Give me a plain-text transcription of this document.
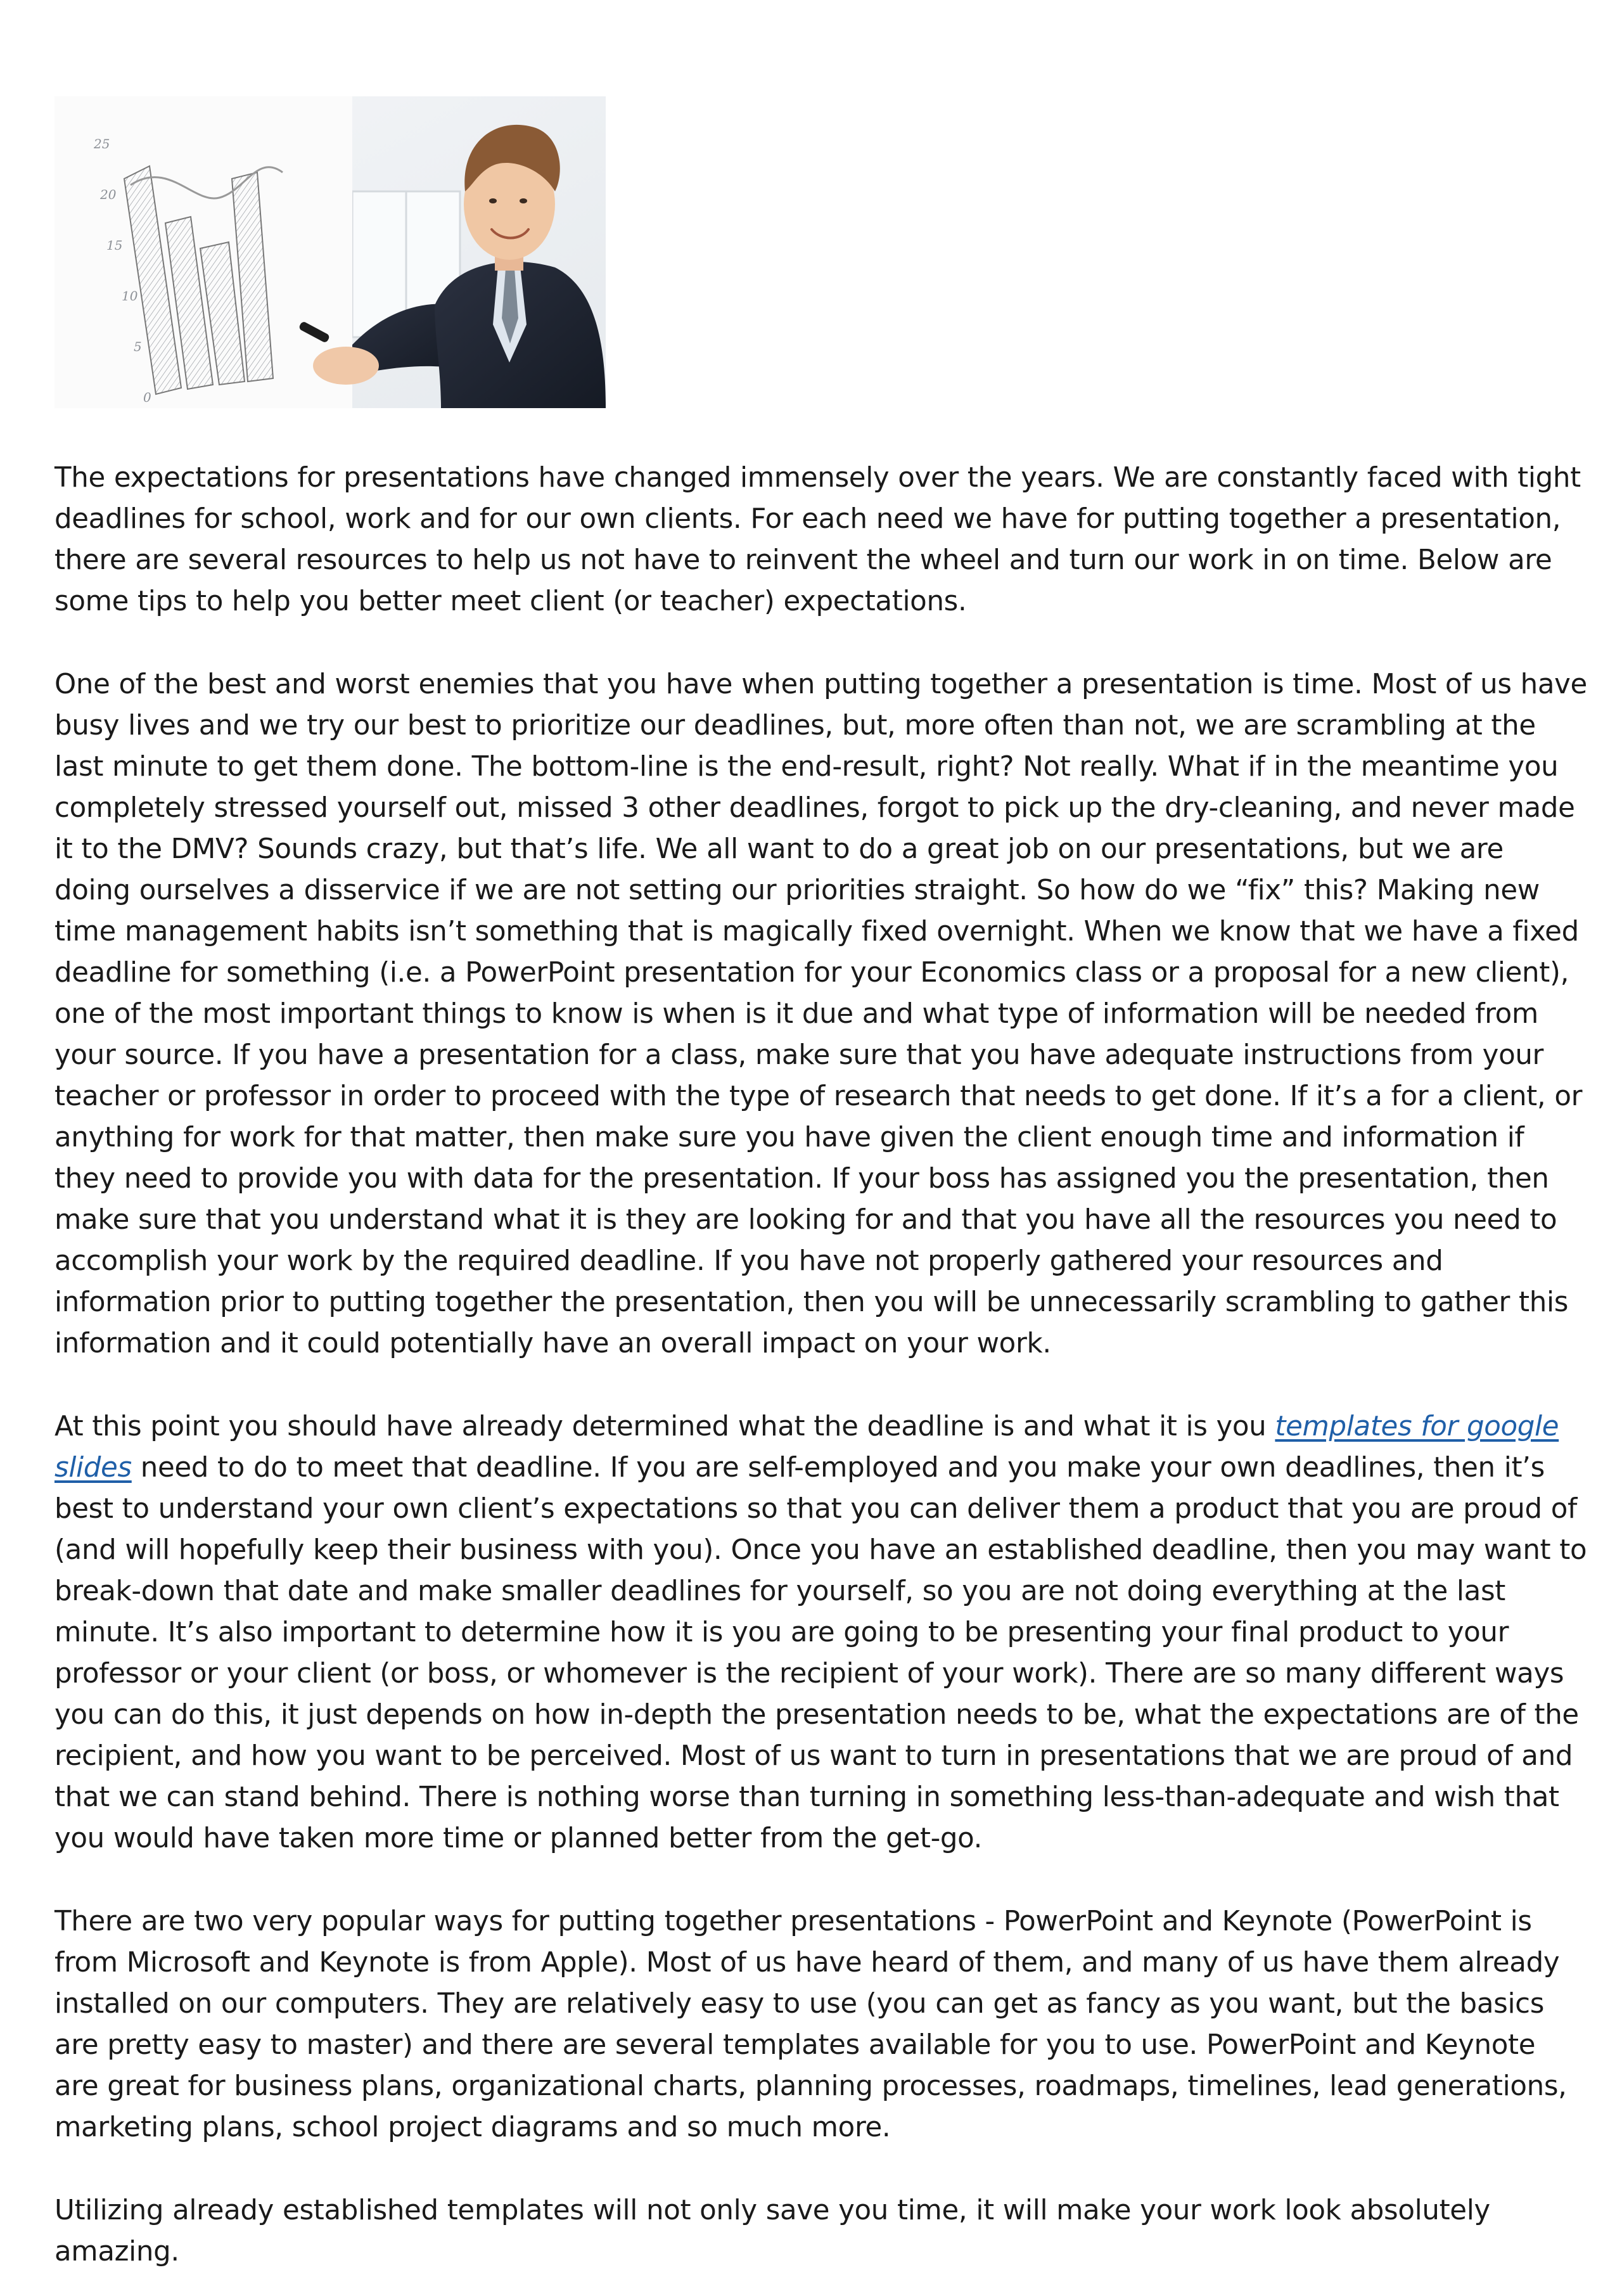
25
20
15
10
5
0

The expectations for presentations have changed immensely over the years. We are constantly faced with tight deadlines for school, work and for our own clients. For each need we have for putting together a presentation, there are several resources to help us not have to reinvent the wheel and turn our work in on time. Below are some tips to help you better meet client (or teacher) expectations.

One of the best and worst enemies that you have when putting together a presentation is time. Most of us have busy lives and we try our best to prioritize our deadlines, but, more often than not, we are scrambling at the last minute to get them done. The bottom-line is the end-result, right? Not really. What if in the meantime you completely stressed yourself out, missed 3 other deadlines, forgot to pick up the dry-cleaning, and never made it to the DMV? Sounds crazy, but that’s life. We all want to do a great job on our presentations, but we are doing ourselves a disservice if we are not setting our priorities straight. So how do we “fix” this? Making new time management habits isn’t something that is magically fixed overnight. When we know that we have a fixed deadline for something (i.e. a PowerPoint presentation for your Economics class or a proposal for a new client), one of the most important things to know is when is it due and what type of information will be needed from your source. If you have a presentation for a class, make sure that you have adequate instructions from your teacher or professor in order to proceed with the type of research that needs to get done. If it’s a for a client, or anything for work for that matter, then make sure you have given the client enough time and information if they need to provide you with data for the presentation. If your boss has assigned you the presentation, then make sure that you understand what it is they are looking for and that you have all the resources you need to accomplish your work by the required deadline. If you have not properly gathered your resources and information prior to putting together the presentation, then you will be unnecessarily scrambling to gather this information and it could potentially have an overall impact on your work.

At this point you should have already determined what the deadline is and what it is you templates for google slides need to do to meet that deadline. If you are self-employed and you make your own deadlines, then it’s best to understand your own client’s expectations so that you can deliver them a product that you are proud of (and will hopefully keep their business with you). Once you have an established deadline, then you may want to break-down that date and make smaller deadlines for yourself, so you are not doing everything at the last minute. It’s also important to determine how it is you are going to be presenting your final product to your professor or your client (or boss, or whomever is the recipient of your work). There are so many different ways you can do this, it just depends on how in-depth the presentation needs to be, what the expectations are of the recipient, and how you want to be perceived. Most of us want to turn in presentations that we are proud of and that we can stand behind. There is nothing worse than turning in something less-than-adequate and wish that you would have taken more time or planned better from the get-go.

There are two very popular ways for putting together presentations - PowerPoint and Keynote (PowerPoint is from Microsoft and Keynote is from Apple). Most of us have heard of them, and many of us have them already installed on our computers. They are relatively easy to use (you can get as fancy as you want, but the basics are pretty easy to master) and there are several templates available for you to use. PowerPoint and Keynote are great for business plans, organizational charts, planning processes, roadmaps, timelines, lead generations, marketing plans, school project diagrams and so much more.

Utilizing already established templates will not only save you time, it will make your work look absolutely amazing.
